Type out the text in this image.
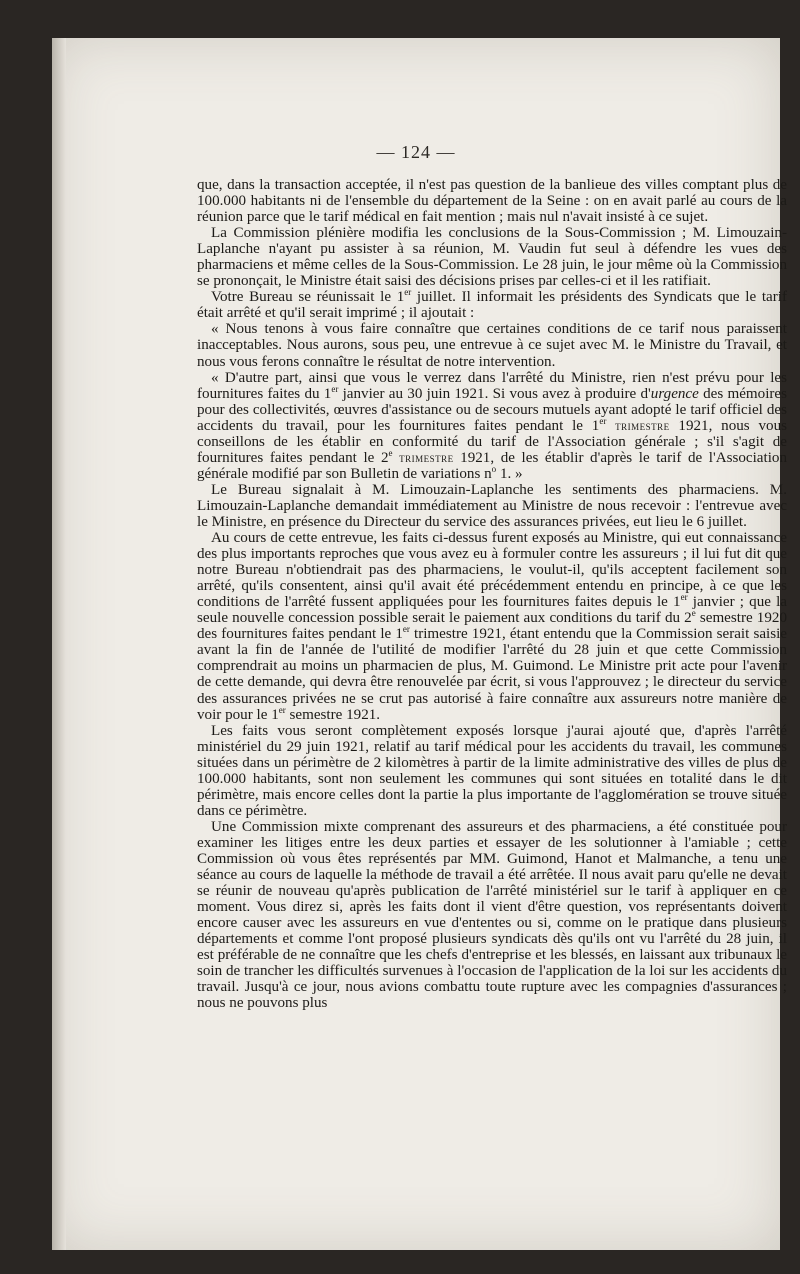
— 124 —

que, dans la transaction acceptée, il n'est pas question de la banlieue des villes comptant plus de 100.000 habitants ni de l'ensemble du département de la Seine : on en avait parlé au cours de la réunion parce que le tarif médical en fait mention ; mais nul n'avait insisté à ce sujet.

La Commission plénière modifia les conclusions de la Sous-Commission ; M. Limouzain-Laplanche n'ayant pu assister à sa réunion, M. Vaudin fut seul à défendre les vues des pharmaciens et même celles de la Sous-Commission. Le 28 juin, le jour même où la Commission se prononçait, le Ministre était saisi des décisions prises par celles-ci et il les ratifiait.

Votre Bureau se réunissait le 1er juillet. Il informait les présidents des Syndicats que le tarif était arrêté et qu'il serait imprimé ; il ajoutait :

« Nous tenons à vous faire connaître que certaines conditions de ce tarif nous paraissent inacceptables. Nous aurons, sous peu, une entrevue à ce sujet avec M. le Ministre du Travail, et nous vous ferons connaître le résultat de notre intervention.

« D'autre part, ainsi que vous le verrez dans l'arrêté du Ministre, rien n'est prévu pour les fournitures faites du 1er janvier au 30 juin 1921. Si vous avez à produire d'urgence des mémoires pour des collectivités, œuvres d'assistance ou de secours mutuels ayant adopté le tarif officiel des accidents du travail, pour les fournitures faites pendant le 1er trimestre 1921, nous vous conseillons de les établir en conformité du tarif de l'Association générale ; s'il s'agit de fournitures faites pendant le 2e trimestre 1921, de les établir d'après le tarif de l'Association générale modifié par son Bulletin de variations $n^o$ 1. »

Le Bureau signalait à M. Limouzain-Laplanche les sentiments des pharmaciens. M. Limouzain-Laplanche demandait immédiatement au Ministre de nous recevoir : l'entrevue avec le Ministre, en présence du Directeur du service des assurances privées, eut lieu le 6 juillet.

Au cours de cette entrevue, les faits ci-dessus furent exposés au Ministre, qui eut connaissance des plus importants reproches que vous avez eu à formuler contre les assureurs ; il lui fut dit que notre Bureau n'obtiendrait pas des pharmaciens, le voulut-il, qu'ils acceptent facilement son arrêté, qu'ils consentent, ainsi qu'il avait été précédemment entendu en principe, à ce que les conditions de l'arrêté fussent appliquées pour les fournitures faites depuis le 1er janvier ; que la seule nouvelle concession possible serait le paiement aux conditions du tarif du 2e semestre 1920 des fournitures faites pendant le 1er trimestre 1921, étant entendu que la Commission serait saisie avant la fin de l'année de l'utilité de modifier l'arrêté du 28 juin et que cette Commission comprendrait au moins un pharmacien de plus, M. Guimond. Le Ministre prit acte pour l'avenir de cette demande, qui devra être renouvelée par écrit, si vous l'approuvez ; le directeur du service des assurances privées ne se crut pas autorisé à faire connaître aux assureurs notre manière de voir pour le 1er semestre 1921.

Les faits vous seront complètement exposés lorsque j'aurai ajouté que, d'après l'arrêté ministériel du 29 juin 1921, relatif au tarif médical pour les accidents du travail, les communes situées dans un périmètre de 2 kilomètres à partir de la limite administrative des villes de plus de 100.000 habitants, sont non seulement les communes qui sont situées en totalité dans le dit périmètre, mais encore celles dont la partie la plus importante de l'agglomération se trouve située dans ce périmètre.

Une Commission mixte comprenant des assureurs et des pharmaciens, a été constituée pour examiner les litiges entre les deux parties et essayer de les solutionner à l'amiable ; cette Commission où vous êtes représentés par MM. Guimond, Hanot et Malmanche, a tenu une séance au cours de laquelle la méthode de travail a été arrêtée. Il nous avait paru qu'elle ne devait se réunir de nouveau qu'après publication de l'arrêté ministériel sur le tarif à appliquer en ce moment. Vous direz si, après les faits dont il vient d'être question, vos représentants doivent encore causer avec les assureurs en vue d'ententes ou si, comme on le pratique dans plusieurs départements et comme l'ont proposé plusieurs syndicats dès qu'ils ont vu l'arrêté du 28 juin, il est préférable de ne connaître que les chefs d'entreprise et les blessés, en laissant aux tribunaux le soin de trancher les difficultés survenues à l'occasion de l'application de la loi sur les accidents du travail. Jusqu'à ce jour, nous avions combattu toute rupture avec les compagnies d'assurances ; nous ne pouvons plus
